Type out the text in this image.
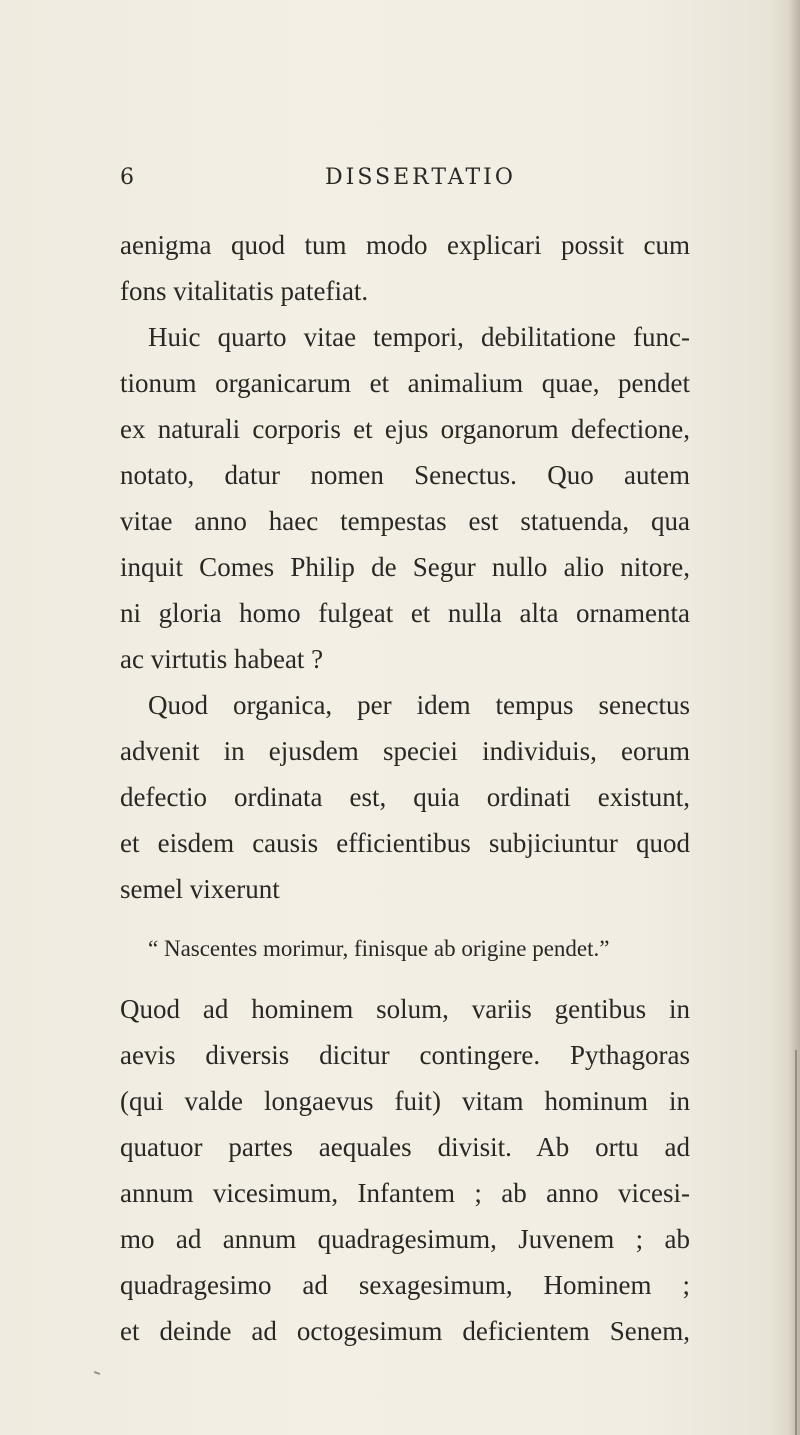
6	DISSERTATIO
aenigma quod tum modo explicari possit cum
fons vitalitatis patefiat.
Huic quarto vitae tempori, debilitatione func-
tionum organicarum et animalium quae, pendet
ex naturali corporis et ejus organorum defectione,
notato, datur nomen Senectus. Quo autem
vitae anno haec tempestas est statuenda, qua
inquit Comes Philip de Segur nullo alio nitore,
ni gloria homo fulgeat et nulla alta ornamenta
ac virtutis habeat ?
Quod organica, per idem tempus senectus
advenit in ejusdem speciei individuis, eorum
defectio ordinata est, quia ordinati existunt,
et eisdem causis efficientibus subjiciuntur quod
semel vixerunt
“ Nascentes morimur, finisque ab origine pendet.”
Quod ad hominem solum, variis gentibus in
aevis diversis dicitur contingere. Pythagoras
(qui valde longaevus fuit) vitam hominum in
quatuor partes aequales divisit. Ab ortu ad
annum vicesimum, Infantem ; ab anno vicesi-
mo ad annum quadragesimum, Juvenem ; ab
quadragesimo ad sexagesimum, Hominem ;
et deinde ad octogesimum deficientem Senem,
